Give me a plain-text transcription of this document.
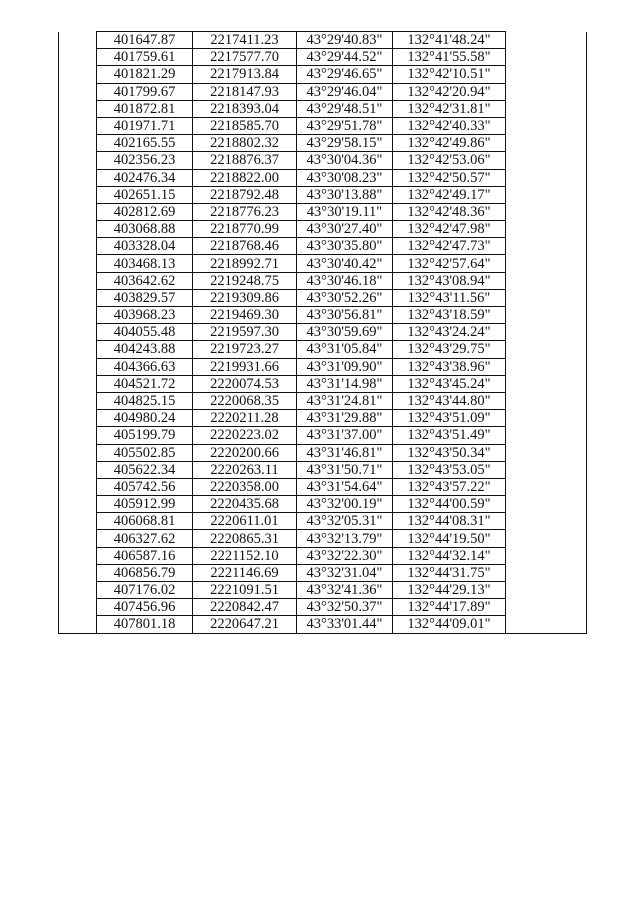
	401647.87	2217411.23	43°29'40.83"	132°41'48.24"	
	401759.61	2217577.70	43°29'44.52"	132°41'55.58"	
	401821.29	2217913.84	43°29'46.65"	132°42'10.51"	
	401799.67	2218147.93	43°29'46.04"	132°42'20.94"	
	401872.81	2218393.04	43°29'48.51"	132°42'31.81"	
	401971.71	2218585.70	43°29'51.78"	132°42'40.33"	
	402165.55	2218802.32	43°29'58.15"	132°42'49.86"	
	402356.23	2218876.37	43°30'04.36"	132°42'53.06"	
	402476.34	2218822.00	43°30'08.23"	132°42'50.57"	
	402651.15	2218792.48	43°30'13.88"	132°42'49.17"	
	402812.69	2218776.23	43°30'19.11"	132°42'48.36"	
	403068.88	2218770.99	43°30'27.40"	132°42'47.98"	
	403328.04	2218768.46	43°30'35.80"	132°42'47.73"	
	403468.13	2218992.71	43°30'40.42"	132°42'57.64"	
	403642.62	2219248.75	43°30'46.18"	132°43'08.94"	
	403829.57	2219309.86	43°30'52.26"	132°43'11.56"	
	403968.23	2219469.30	43°30'56.81"	132°43'18.59"	
	404055.48	2219597.30	43°30'59.69"	132°43'24.24"	
	404243.88	2219723.27	43°31'05.84"	132°43'29.75"	
	404366.63	2219931.66	43°31'09.90"	132°43'38.96"	
	404521.72	2220074.53	43°31'14.98"	132°43'45.24"	
	404825.15	2220068.35	43°31'24.81"	132°43'44.80"	
	404980.24	2220211.28	43°31'29.88"	132°43'51.09"	
	405199.79	2220223.02	43°31'37.00"	132°43'51.49"	
	405502.85	2220200.66	43°31'46.81"	132°43'50.34"	
	405622.34	2220263.11	43°31'50.71"	132°43'53.05"	
	405742.56	2220358.00	43°31'54.64"	132°43'57.22"	
	405912.99	2220435.68	43°32'00.19"	132°44'00.59"	
	406068.81	2220611.01	43°32'05.31"	132°44'08.31"	
	406327.62	2220865.31	43°32'13.79"	132°44'19.50"	
	406587.16	2221152.10	43°32'22.30"	132°44'32.14"	
	406856.79	2221146.69	43°32'31.04"	132°44'31.75"	
	407176.02	2221091.51	43°32'41.36"	132°44'29.13"	
	407456.96	2220842.47	43°32'50.37"	132°44'17.89"	
	407801.18	2220647.21	43°33'01.44"	132°44'09.01"	
